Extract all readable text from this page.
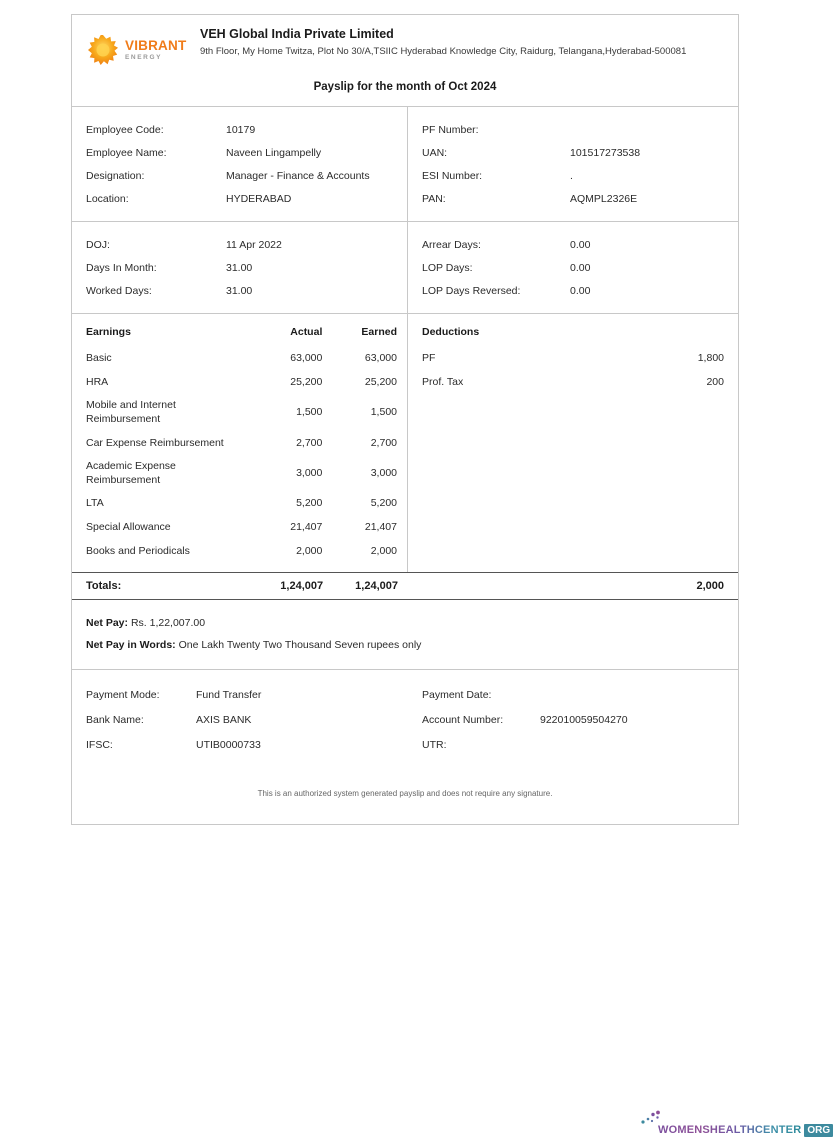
VIBRANT
ENERGY
VEH Global India Private Limited
9th Floor, My Home Twitza, Plot No 30/A,TSIIC Hyderabad Knowledge City, Raidurg, Telangana,Hyderabad-500081
Payslip for the month of Oct 2024
Employee Code:	10179
Employee Name:	Naveen Lingampelly
Designation:	Manager - Finance & Accounts
Location:	HYDERABAD
PF Number:
UAN:	101517273538
ESI Number:	.
PAN:	AQMPL2326E
DOJ:	11 Apr 2022
Days In Month:	31.00
Worked Days:	31.00
Arrear Days:	0.00
LOP Days:	0.00
LOP Days Reversed:	0.00
Earnings	Actual	Earned
Basic	63,000	63,000
HRA	25,200	25,200
Mobile and Internet Reimbursement	1,500	1,500
Car Expense Reimbursement	2,700	2,700
Academic Expense Reimbursement	3,000	3,000
LTA	5,200	5,200
Special Allowance	21,407	21,407
Books and Periodicals	2,000	2,000
Deductions	
PF	1,800
Prof. Tax	200
Totals:	1,24,007	1,24,007	2,000
Net Pay: Rs. 1,22,007.00
Net Pay in Words: One Lakh Twenty Two Thousand Seven rupees only
Payment Mode:	Fund Transfer
Bank Name:	AXIS BANK
IFSC:	UTIB0000733
Payment Date:
Account Number:	922010059504270
UTR:
This is an authorized system generated payslip and does not require any signature.
WOMENSHEALTHCENTER ORG
